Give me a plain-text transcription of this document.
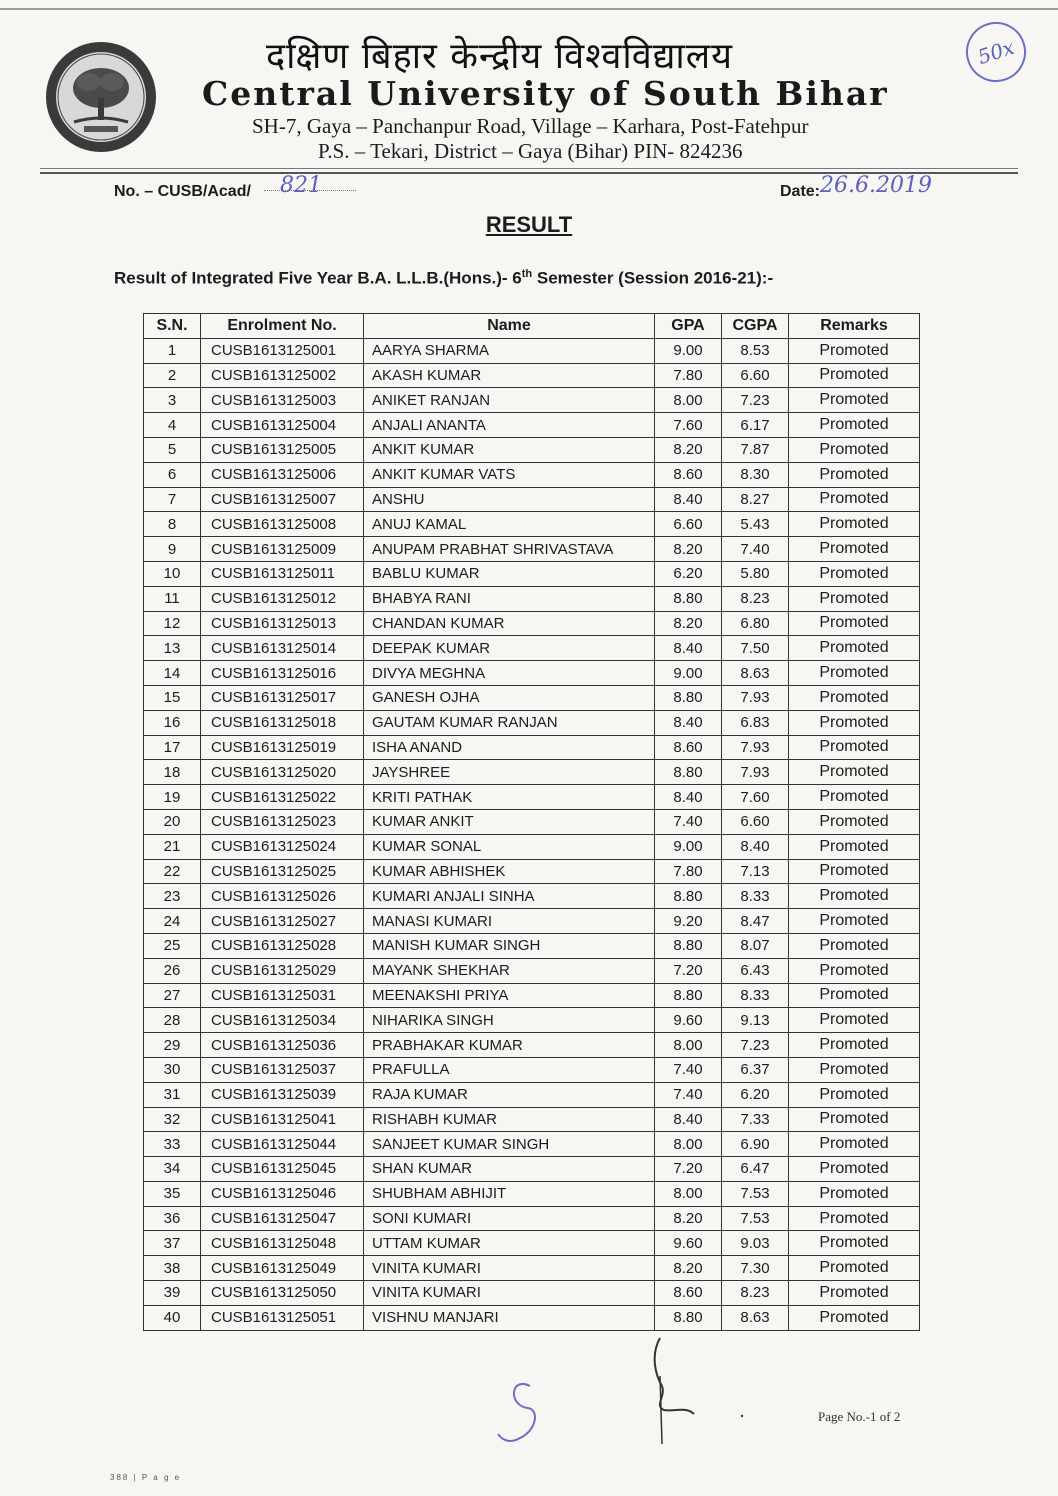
दक्षिण बिहार केन्द्रीय विश्वविद्यालय
Central University of South Bihar
SH-7, Gaya – Panchanpur Road, Village – Karhara, Post-Fatehpur
P.S. – Tekari, District – Gaya (Bihar) PIN- 824236
50x
No. – CUSB/Acad/ 821	Date: 26.6.2019
RESULT
Result of Integrated Five Year B.A. L.L.B.(Hons.)- 6th Semester (Session 2016-21):-
S.N.	Enrolment No.	Name	GPA	CGPA	Remarks
1	CUSB1613125001	AARYA SHARMA	9.00	8.53	Promoted
2	CUSB1613125002	AKASH KUMAR	7.80	6.60	Promoted
3	CUSB1613125003	ANIKET RANJAN	8.00	7.23	Promoted
4	CUSB1613125004	ANJALI ANANTA	7.60	6.17	Promoted
5	CUSB1613125005	ANKIT KUMAR	8.20	7.87	Promoted
6	CUSB1613125006	ANKIT KUMAR VATS	8.60	8.30	Promoted
7	CUSB1613125007	ANSHU	8.40	8.27	Promoted
8	CUSB1613125008	ANUJ KAMAL	6.60	5.43	Promoted
9	CUSB1613125009	ANUPAM PRABHAT SHRIVASTAVA	8.20	7.40	Promoted
10	CUSB1613125011	BABLU KUMAR	6.20	5.80	Promoted
11	CUSB1613125012	BHABYA RANI	8.80	8.23	Promoted
12	CUSB1613125013	CHANDAN KUMAR	8.20	6.80	Promoted
13	CUSB1613125014	DEEPAK KUMAR	8.40	7.50	Promoted
14	CUSB1613125016	DIVYA MEGHNA	9.00	8.63	Promoted
15	CUSB1613125017	GANESH OJHA	8.80	7.93	Promoted
16	CUSB1613125018	GAUTAM KUMAR RANJAN	8.40	6.83	Promoted
17	CUSB1613125019	ISHA ANAND	8.60	7.93	Promoted
18	CUSB1613125020	JAYSHREE	8.80	7.93	Promoted
19	CUSB1613125022	KRITI PATHAK	8.40	7.60	Promoted
20	CUSB1613125023	KUMAR ANKIT	7.40	6.60	Promoted
21	CUSB1613125024	KUMAR SONAL	9.00	8.40	Promoted
22	CUSB1613125025	KUMAR ABHISHEK	7.80	7.13	Promoted
23	CUSB1613125026	KUMARI ANJALI SINHA	8.80	8.33	Promoted
24	CUSB1613125027	MANASI KUMARI	9.20	8.47	Promoted
25	CUSB1613125028	MANISH KUMAR SINGH	8.80	8.07	Promoted
26	CUSB1613125029	MAYANK SHEKHAR	7.20	6.43	Promoted
27	CUSB1613125031	MEENAKSHI PRIYA	8.80	8.33	Promoted
28	CUSB1613125034	NIHARIKA SINGH	9.60	9.13	Promoted
29	CUSB1613125036	PRABHAKAR KUMAR	8.00	7.23	Promoted
30	CUSB1613125037	PRAFULLA	7.40	6.37	Promoted
31	CUSB1613125039	RAJA KUMAR	7.40	6.20	Promoted
32	CUSB1613125041	RISHABH KUMAR	8.40	7.33	Promoted
33	CUSB1613125044	SANJEET KUMAR SINGH	8.00	6.90	Promoted
34	CUSB1613125045	SHAN KUMAR	7.20	6.47	Promoted
35	CUSB1613125046	SHUBHAM ABHIJIT	8.00	7.53	Promoted
36	CUSB1613125047	SONI KUMARI	8.20	7.53	Promoted
37	CUSB1613125048	UTTAM KUMAR	9.60	9.03	Promoted
38	CUSB1613125049	VINITA KUMARI	8.20	7.30	Promoted
39	CUSB1613125050	VINITA KUMARI	8.60	8.23	Promoted
40	CUSB1613125051	VISHNU MANJARI	8.80	8.63	Promoted
Page No.-1 of 2
388 | P a g e
